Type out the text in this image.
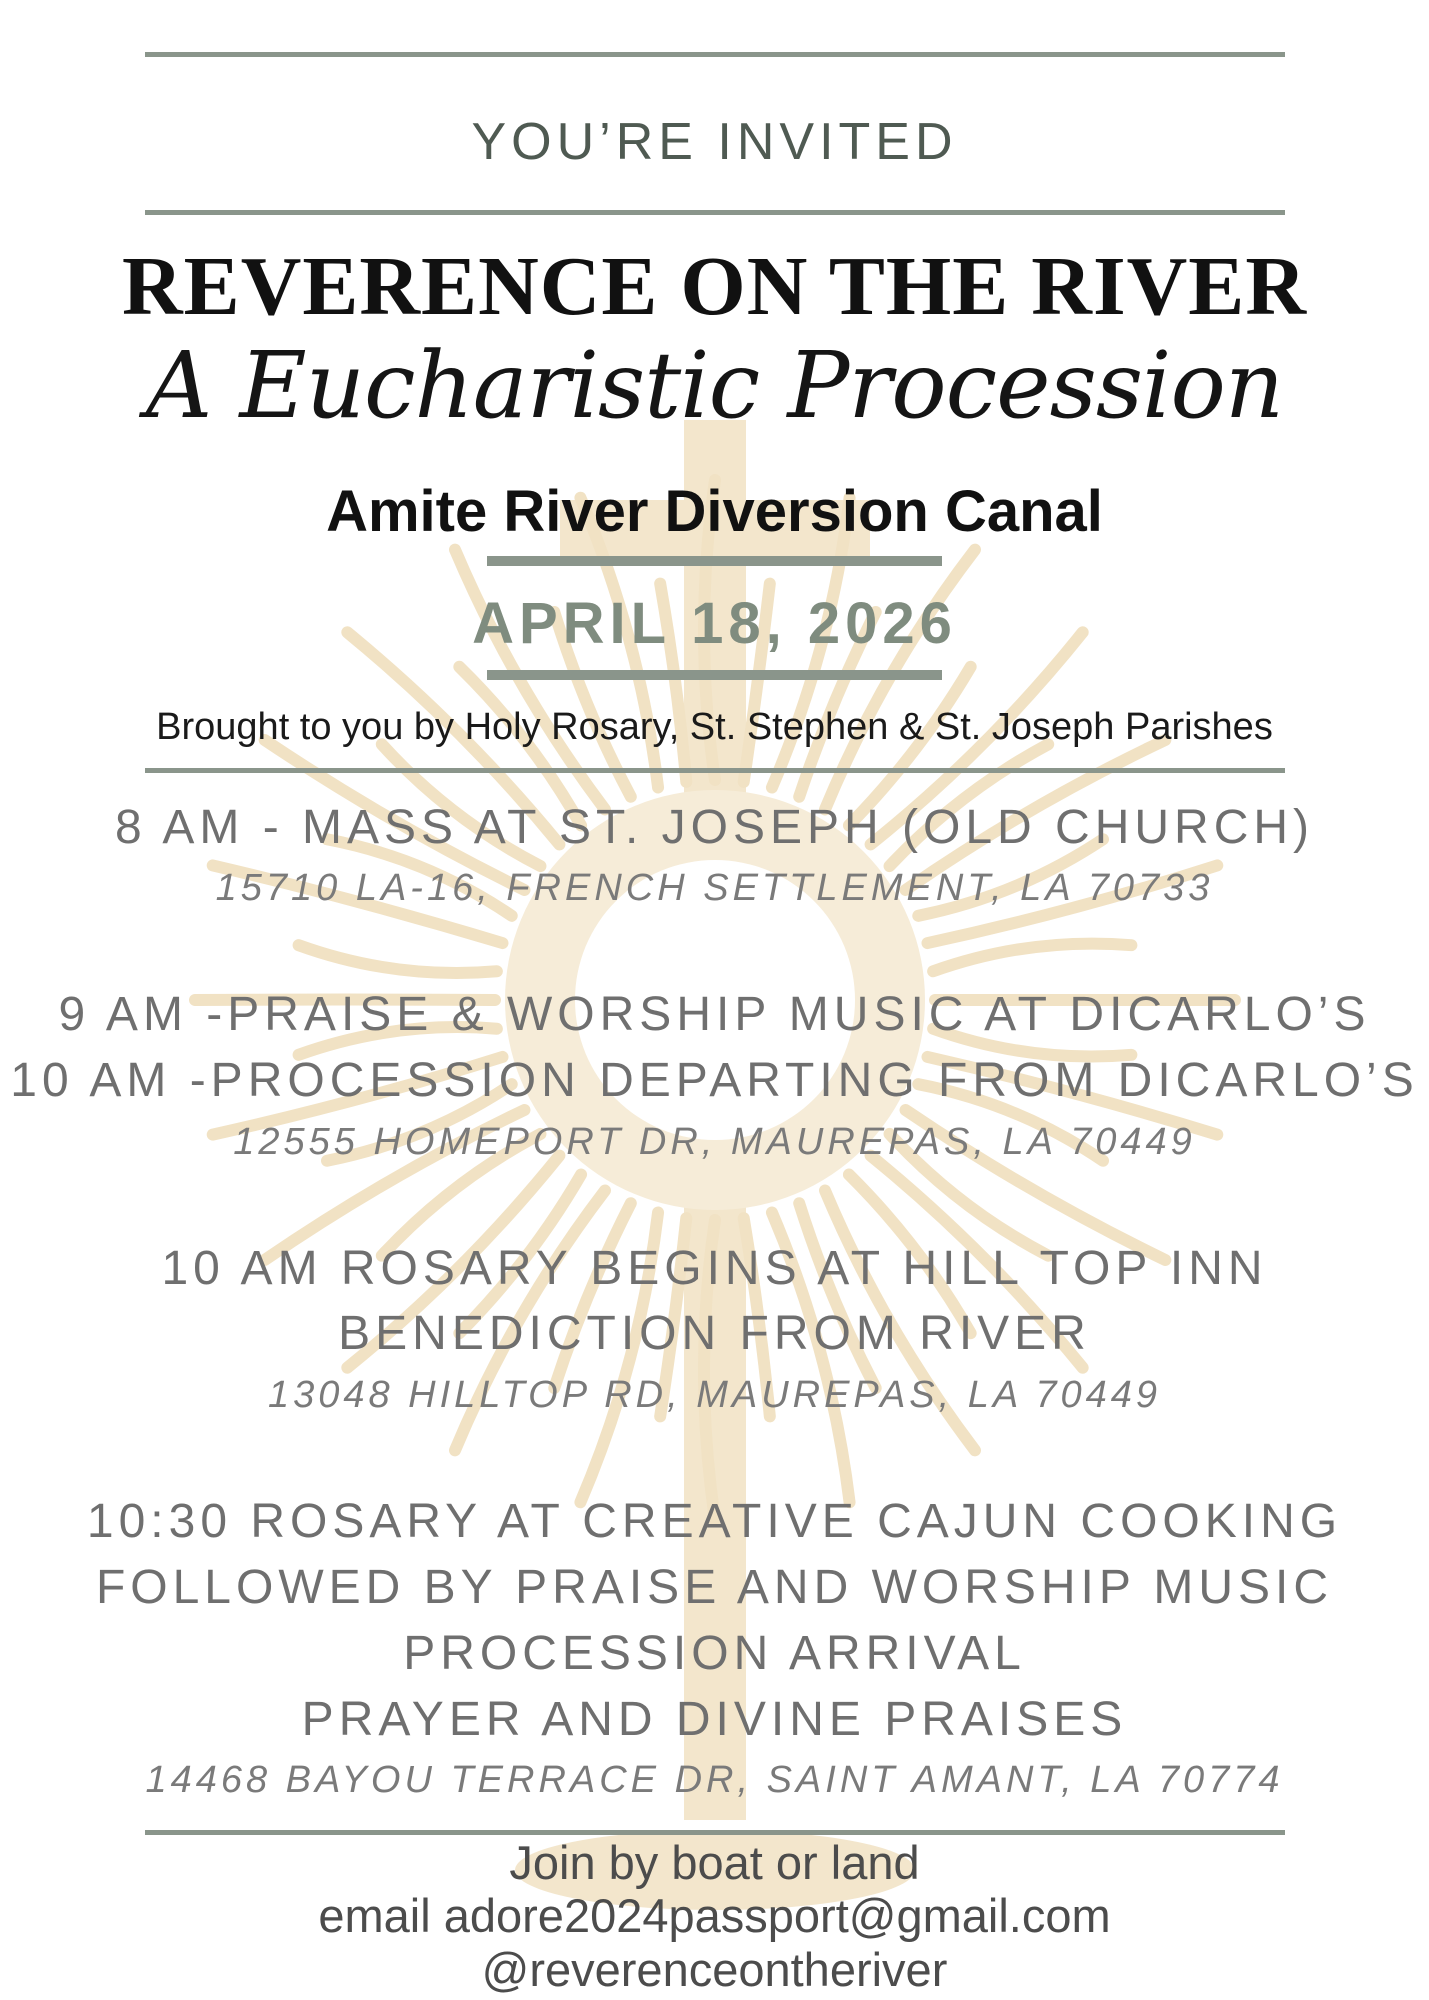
YOU’RE INVITED
REVERENCE ON THE RIVER
A Eucharistic Procession
Amite River Diversion Canal
APRIL 18, 2026
Brought to you by Holy Rosary, St. Stephen & St. Joseph Parishes
8 AM - MASS AT ST. JOSEPH (OLD CHURCH)
15710 LA-16, FRENCH SETTLEMENT, LA 70733
9 AM -PRAISE & WORSHIP MUSIC AT DICARLO’S
10 AM -PROCESSION DEPARTING FROM DICARLO’S
12555 HOMEPORT DR, MAUREPAS, LA 70449
10 AM ROSARY BEGINS AT HILL TOP INN
BENEDICTION FROM RIVER
13048 HILLTOP RD, MAUREPAS, LA 70449
10:30 ROSARY AT CREATIVE CAJUN COOKING
FOLLOWED BY PRAISE AND WORSHIP MUSIC
PROCESSION ARRIVAL
PRAYER AND DIVINE PRAISES
14468 BAYOU TERRACE DR, SAINT AMANT, LA 70774
Join by boat or land
email adore2024passport@gmail.com
@reverenceontheriver
